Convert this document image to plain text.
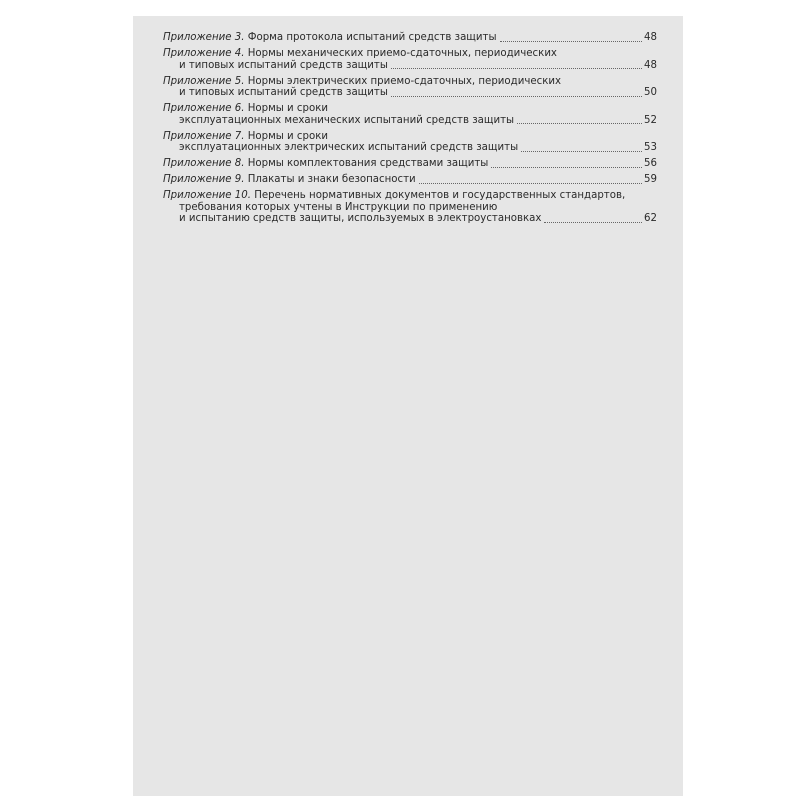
Приложение 3.
Форма протокола испытаний средств защиты	48
Приложение 4. Нормы механических приемо-сдаточных, периодических
и типовых испытаний средств защиты	48
Приложение 5. Нормы электрических приемо-сдаточных, периодических
и типовых испытаний средств защиты	50
Приложение 6. Нормы и сроки
эксплуатационных механических испытаний средств защиты	52
Приложение 7. Нормы и сроки
эксплуатационных электрических испытаний средств защиты	53
Приложение 8.
Нормы комплектования средствами защиты	56
Приложение 9.
Плакаты и знаки безопасности	59
Приложение 10. Перечень нормативных документов и государственных стандартов,
требования которых учтены в Инструкции по применению
и испытанию средств защиты, используемых в электроустановках	62
